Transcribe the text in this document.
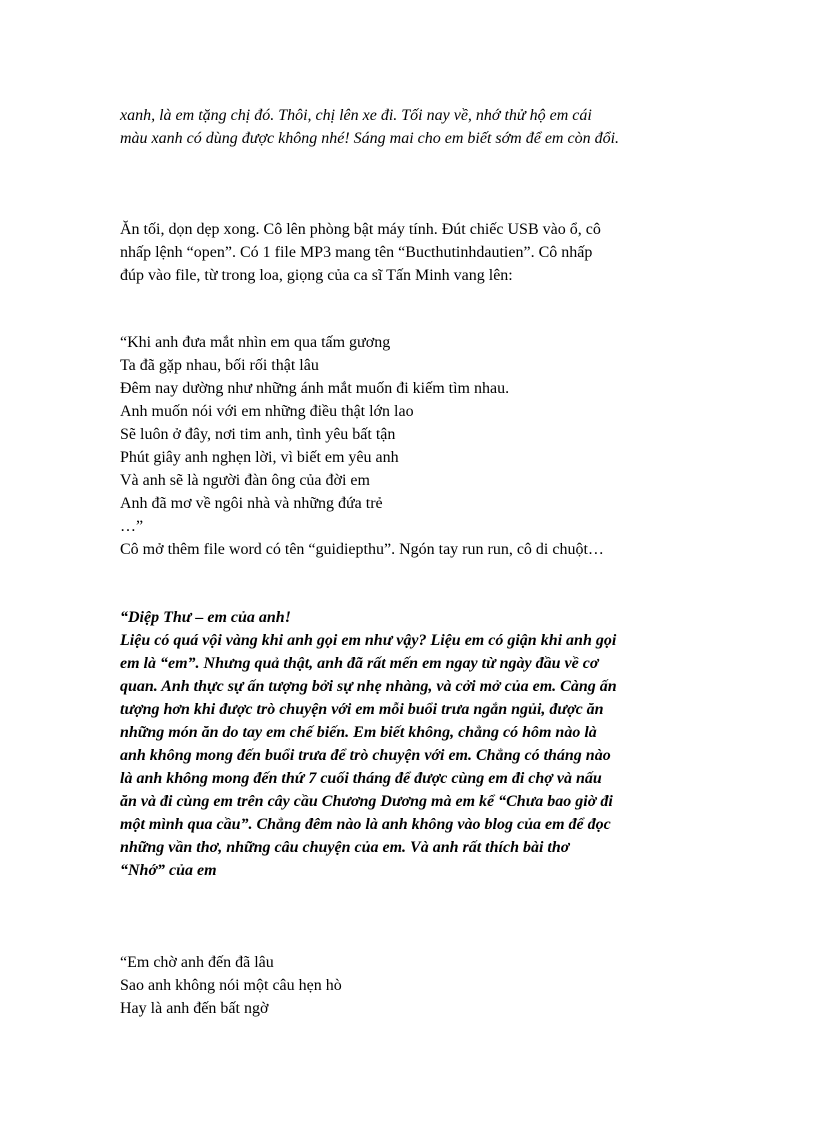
xanh, là em tặng chị đó. Thôi, chị lên xe đi. Tối nay về, nhớ thử hộ em cái
màu xanh có dùng được không nhé! Sáng mai cho em biết sớm để em còn đổi.
Ăn tối, dọn dẹp xong. Cô lên phòng bật máy tính. Đút chiếc USB vào ổ, cô
nhấp lệnh “open”. Có 1 file MP3 mang tên “Bucthutinhdautien”. Cô nhấp
đúp vào file, từ trong loa, giọng của ca sĩ Tấn Minh vang lên:
“Khi anh đưa mắt nhìn em qua tấm gương
Ta đã gặp nhau, bối rối thật lâu
Đêm nay dường như những ánh mắt muốn đi kiếm tìm nhau.
Anh muốn nói với em những điều thật lớn lao
Sẽ luôn ở đây, nơi tim anh, tình yêu bất tận
Phút giây anh nghẹn lời, vì biết em yêu anh
Và anh sẽ là người đàn ông của đời em
Anh đã mơ về ngôi nhà và những đứa trẻ
…”
Cô mở thêm file word có tên “guidiepthu”. Ngón tay run run, cô di chuột…
“Diệp Thư – em của anh!
Liệu có quá vội vàng khi anh gọi em như vậy? Liệu em có giận khi anh gọi
em là “em”. Nhưng quả thật, anh đã rất mến em ngay từ ngày đầu về cơ
quan. Anh thực sự ấn tượng bởi sự nhẹ nhàng, và cởi mở của em. Càng ấn
tượng hơn khi được trò chuyện với em mỗi buổi trưa ngắn ngủi, được ăn
những món ăn do tay em chế biến. Em biết không, chẳng có hôm nào là
anh không mong đến buổi trưa để trò chuyện với em. Chẳng có tháng nào
là anh không mong đến thứ 7 cuối tháng để được cùng em đi chợ và nấu
ăn và đi cùng em trên cây cầu Chương Dương mà em kể “Chưa bao giờ đi
một mình qua cầu”. Chẳng đêm nào là anh không vào blog của em để đọc
những vần thơ, những câu chuyện của em. Và anh rất thích bài thơ
“Nhớ” của em
“Em chờ anh đến đã lâu
Sao anh không nói một câu hẹn hò
Hay là anh đến bất ngờ
